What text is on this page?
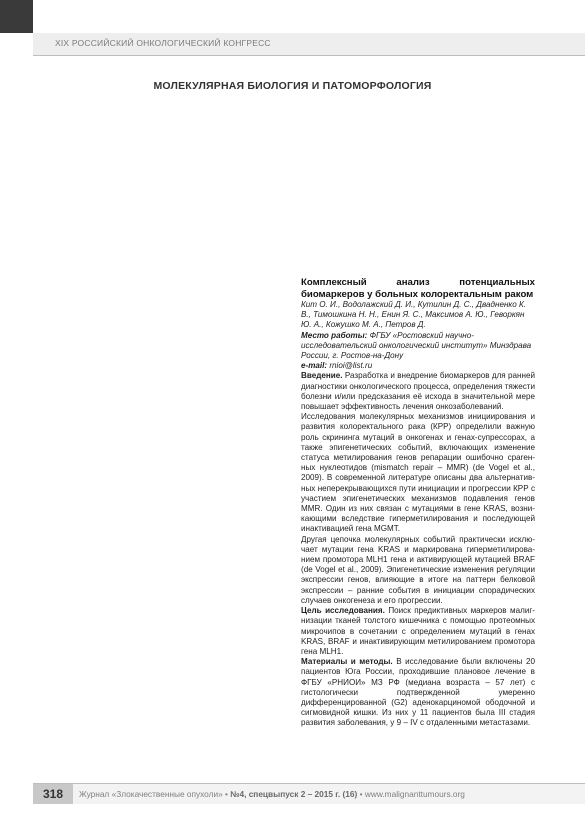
XIX РОССИЙСКИЙ ОНКОЛОГИЧЕСКИЙ КОНГРЕСС
МОЛЕКУЛЯРНАЯ БИОЛОГИЯ И ПАТОМОРФОЛОГИЯ

Комплексный анализ потенциальных биомаркеров у больных колоректальным раком

Кит О. И., Водолажский Д. И., Кутилин Д. С., Двадненко К. В., Тимошкина Н. Н., Енин Я. С., Максимов А. Ю., Геворкян Ю. А., Кожушко М. А., Петров Д.

Место работы: ФГБУ «Ростовский научно-исследовательский онкологический институт» Минздрава России, г. Ростов-на-Дону

e-mail: rnioi@list.ru

Введение. Разработка и внедрение биомаркеров для ранней диагностики онкологического процесса, определения тяжести болезни и/или предсказания её исхода в значительной мере повышает эффективность лечения онкозаболеваний.

Исследования молекулярных механизмов инициирования и развития колоректального рака (КРР) определили важную роль скрининга мутаций в онкогенах и генах-супрессорах, а также эпигенетических событий, включающих изменение статуса метилирования генов репарации ошибочно сparенных нуклеотидов (mismatch repair – MMR) (de Vogel et al., 2009). В современной литературе описаны два альтернативных неперекрывающихся пути инициации и прогрессии КРР с участием эпигенетических механизмов подавления генов MMR. Один из них связан с мутациями в гене KRAS, возникающими вследствие гиперметилирования и последующей инактивацией гена MGMT.

Другая цепочка молекулярных событий практически исключает мутации гена KRAS и маркирована гиперметилированием промотора MLH1 гена и активирующей мутацией BRAF (de Vogel et al., 2009). Эпигенетические изменения регуляции экспрессии генов, влияющие в итоге на паттерн белковой экспрессии – ранние события в инициации спорадических случаев онкогенеза и его прогрессии.

Цель исследования. Поиск предиктивных маркеров малигнизации тканей толстого кишечника с помощью протеомных микрочипов в сочетании с определением мутаций в генах KRAS, BRAF и инактивирующим метилированием промотора гена MLH1.

Материалы и методы. В исследование были включены 20 пациентов Юга России, проходившие плановое лечение в ФГБУ «РНИОИ» МЗ РФ (медиана возраста – 57 лет) с гистологически подтвержденной умеренно дифференцированной (G2) аденокарциномой ободочной и сигмовидной кишки. Из них у 11 пациентов была III стадия развития заболевания, у 9 – IV с отдаленными метастазами.

318	Журнал «Злокачественные опухоли» • №4, спецвыпуск 2 – 2015 г. (16) • www.malignanttumours.org
